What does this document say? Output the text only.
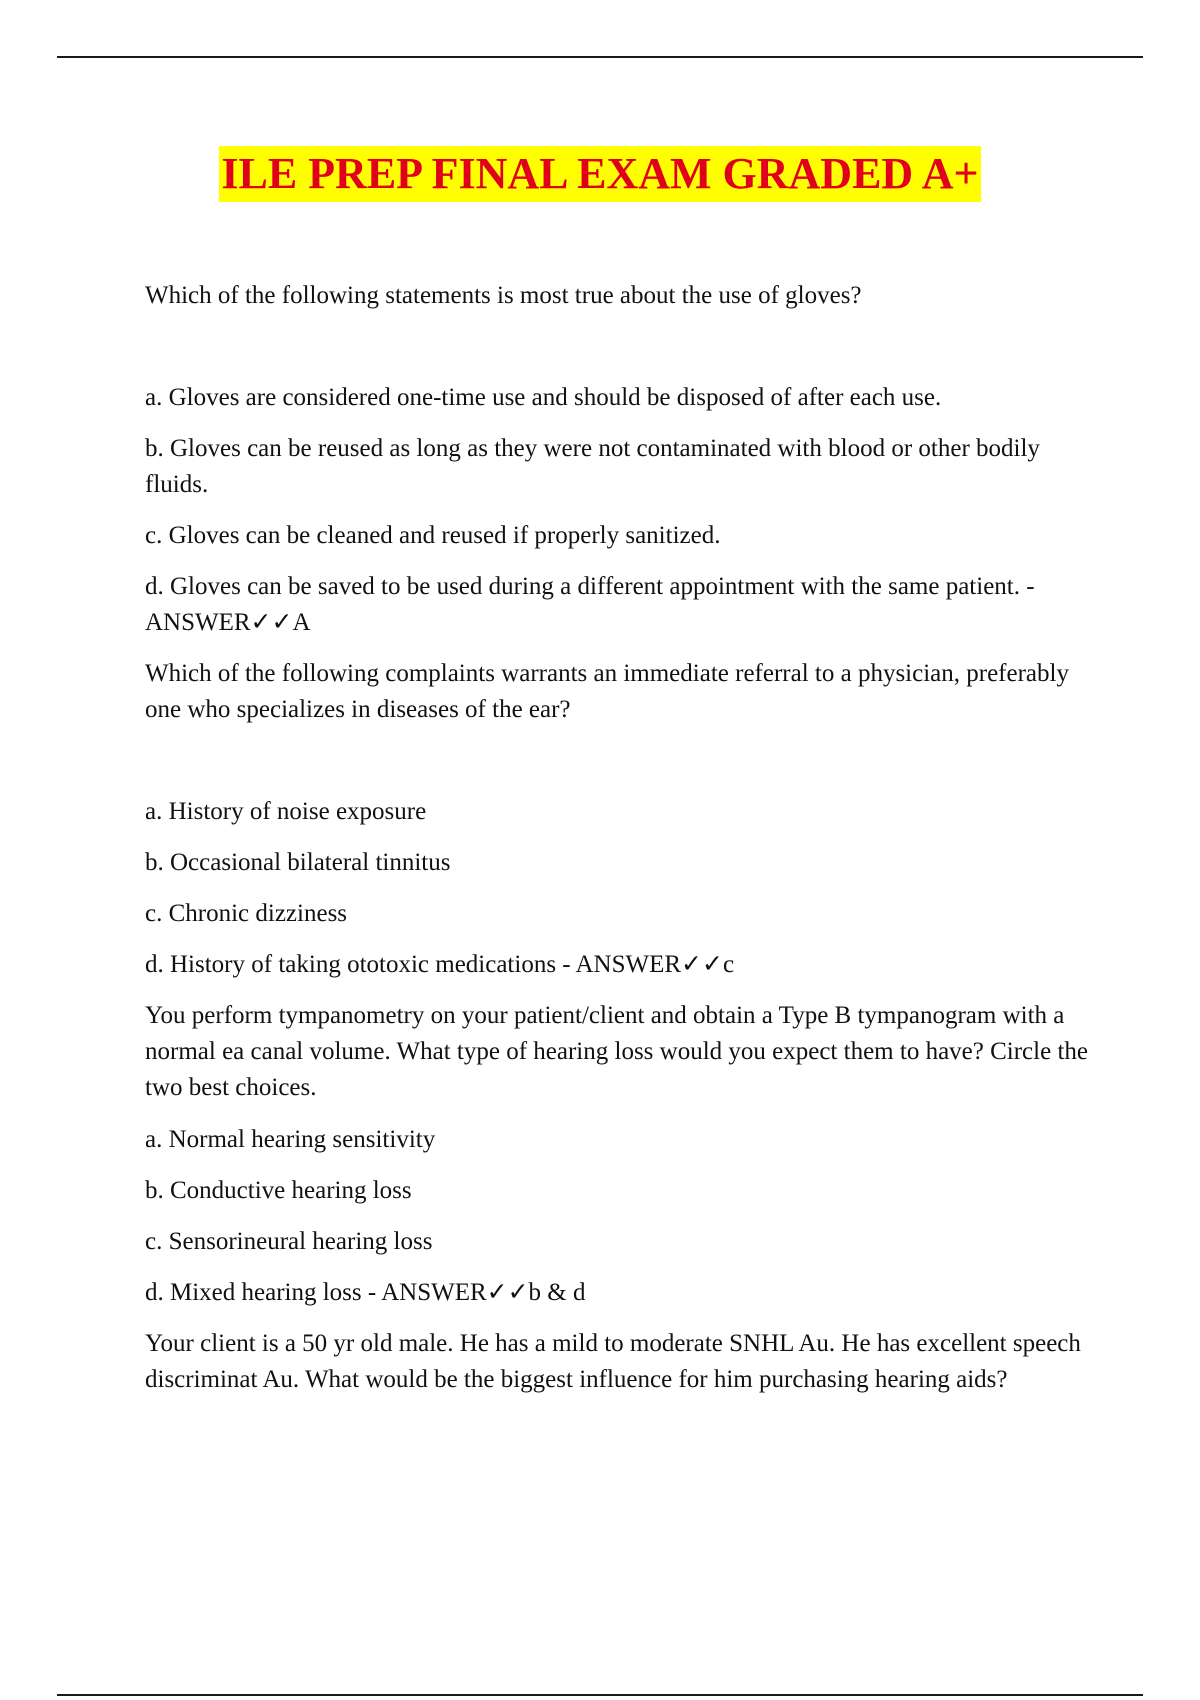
ILE PREP FINAL EXAM GRADED A+

Which of the following statements is most true about the use of gloves?

a. Gloves are considered one-time use and should be disposed of after each use.

b. Gloves can be reused as long as they were not contaminated with blood or other bodily fluids.

c. Gloves can be cleaned and reused if properly sanitized.

d. Gloves can be saved to be used during a different appointment with the same patient. - ANSWER✓✓A

Which of the following complaints warrants an immediate referral to a physician, preferably one who specializes in diseases of the ear?

a. History of noise exposure

b. Occasional bilateral tinnitus

c. Chronic dizziness

d. History of taking ototoxic medications - ANSWER✓✓c

You perform tympanometry on your patient/client and obtain a Type B tympanogram with a normal ea canal volume. What type of hearing loss would you expect them to have? Circle the two best choices.

a. Normal hearing sensitivity

b. Conductive hearing loss

c. Sensorineural hearing loss

d. Mixed hearing loss - ANSWER✓✓b & d

Your client is a 50 yr old male. He has a mild to moderate SNHL Au. He has excellent speech discriminat Au. What would be the biggest influence for him purchasing hearing aids?
